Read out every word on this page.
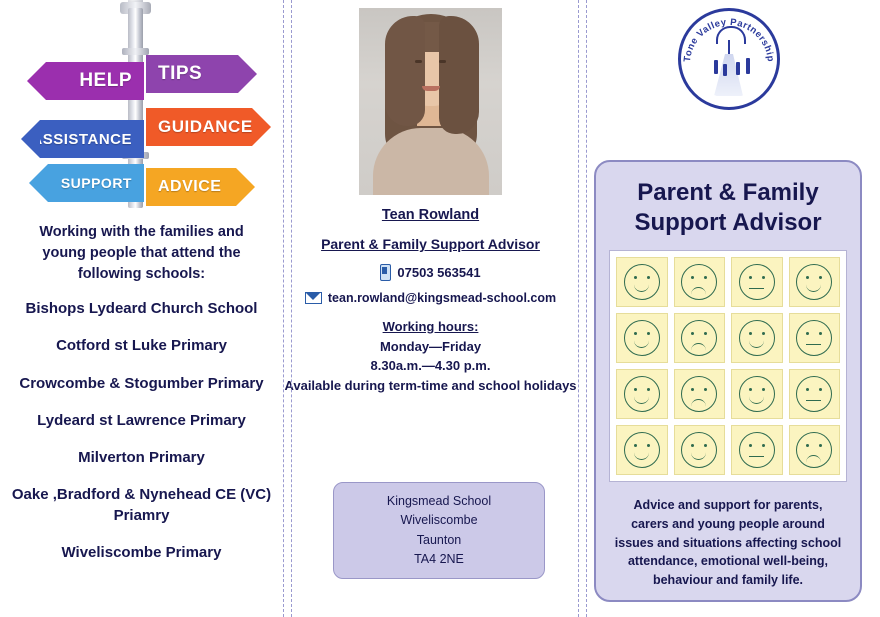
HELP TIPS
ASSISTANCE
GUIDANCE
SUPPORT ADVICE
Working with the families and young people that attend the following schools:
Bishops Lydeard Church School
Cotford st Luke Primary
Crowcombe & Stogumber Primary
Lydeard st Lawrence Primary
Milverton Primary
Oake ,Bradford & Nynehead CE (VC) Priamry
Wiveliscombe Primary
Tean Rowland
Parent & Family Support Advisor
07503 563541
tean.rowland@kingsmead-school.com
Working hours:
Monday—Friday
8.30a.m.—4.30 p.m.
Available during term-time and school holidays
Kingsmead School
Wiveliscombe
Taunton
TA4 2NE
Tone Valley Partnership
Parent & Family
Support Advisor
Advice and support for parents, carers and young people around issues and situations affecting school attendance, emotional well-being, behaviour and family life.
